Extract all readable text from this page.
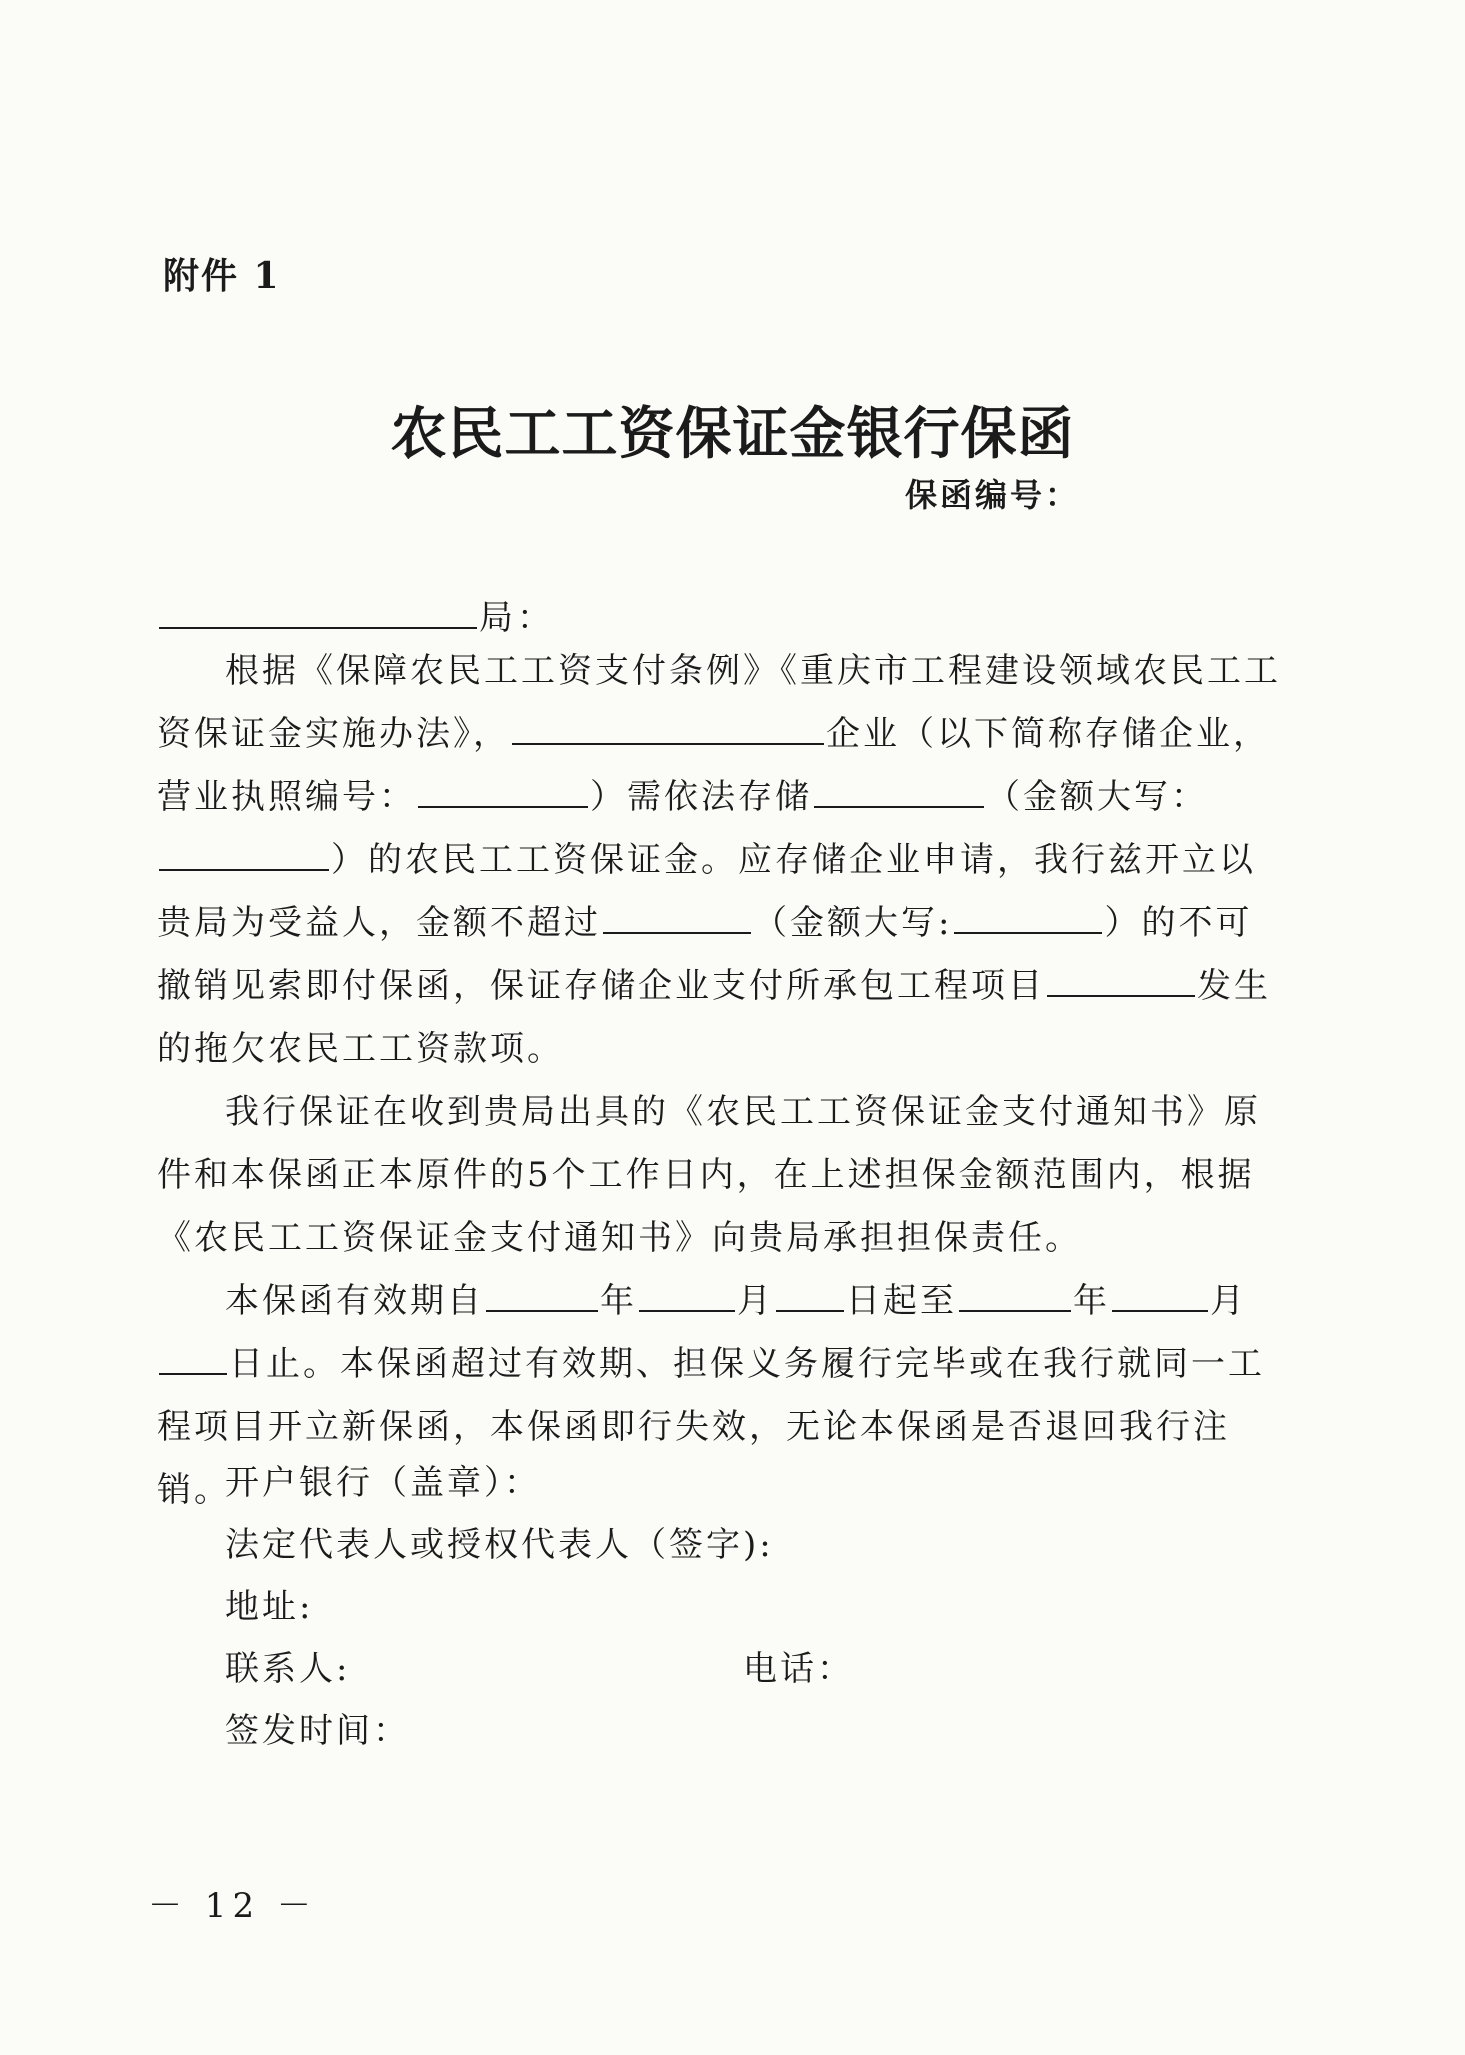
附件 1
农民工工资保证金银行保函
保函编号：
局：

根据《保障农民工工资支付条例》《重庆市工程建设领域农民工工资保证金实施办法》，	企业（以下简称存储企业，营业执照编号：	）需依法存储	（金额大写：）的农民工工资保证金。应存储企业申请，我行兹开立以贵局为受益人，金额不超过	（金额大写:	）的不可撤销见索即付保函，保证存储企业支付所承包工程项目	发生的拖欠农民工工资款项。

我行保证在收到贵局出具的《农民工工资保证金支付通知书》原件和本保函正本原件的5个工作日内，在上述担保金额范围内，根据《农民工工资保证金支付通知书》向贵局承担担保责任。

本保函有效期自	年	月 日起至	年	月日止。本保函超过有效期、担保义务履行完毕或在我行就同一工程项目开立新保函，本保函即行失效，无论本保函是否退回我行注销。

开户银行（盖章）：
法定代表人或授权代表人（签字):
地址:
联系人:	电话：
签发时间：
－ 12 －
